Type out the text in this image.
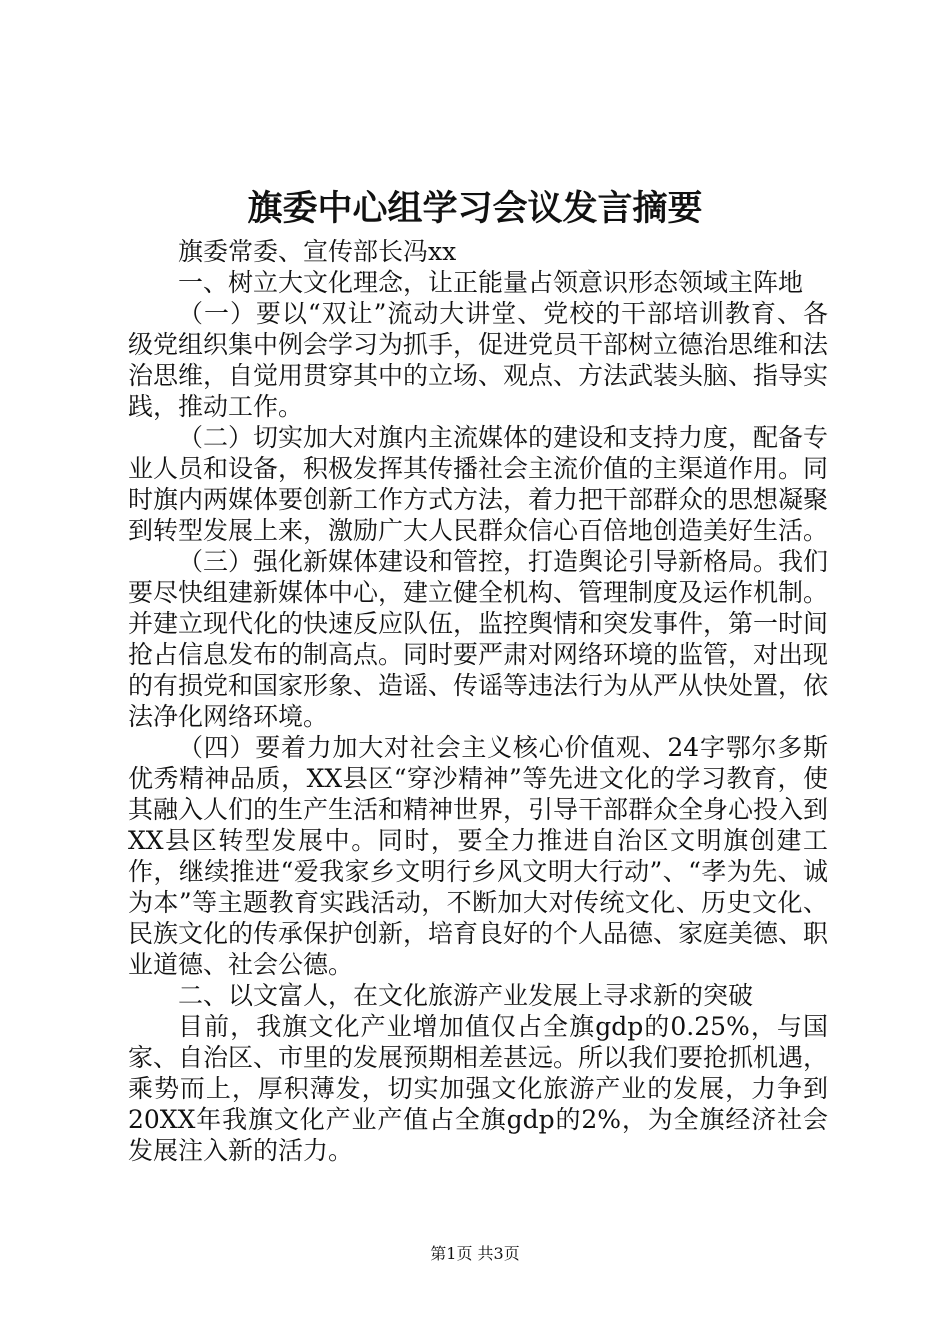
旗委中心组学习会议发言摘要

旗委常委、宣传部长冯xx

一、树立大文化理念，让正能量占领意识形态领域主阵地

（一）要以“双让”流动大讲堂、党校的干部培训教育、各级党组织集中例会学习为抓手，促进党员干部树立德治思维和法治思维，自觉用贯穿其中的立场、观点、方法武装头脑、指导实践，推动工作。

（二）切实加大对旗内主流媒体的建设和支持力度，配备专业人员和设备，积极发挥其传播社会主流价值的主渠道作用。同时旗内两媒体要创新工作方式方法，着力把干部群众的思想凝聚到转型发展上来，激励广大人民群众信心百倍地创造美好生活。

（三）强化新媒体建设和管控，打造舆论引导新格局。我们要尽快组建新媒体中心，建立健全机构、管理制度及运作机制。并建立现代化的快速反应队伍，监控舆情和突发事件，第一时间抢占信息发布的制高点。同时要严肃对网络环境的监管，对出现的有损党和国家形象、造谣、传谣等违法行为从严从快处置，依法净化网络环境。

（四）要着力加大对社会主义核心价值观、24字鄂尔多斯优秀精神品质，XX县区“穿沙精神”等先进文化的学习教育，使其融入人们的生产生活和精神世界，引导干部群众全身心投入到XX县区转型发展中。同时，要全力推进自治区文明旗创建工作，继续推进“爱我家乡文明行乡风文明大行动”、“孝为先、诚为本”等主题教育实践活动，不断加大对传统文化、历史文化、民族文化的传承保护创新，培育良好的个人品德、家庭美德、职业道德、社会公德。

二、以文富人，在文化旅游产业发展上寻求新的突破

目前，我旗文化产业增加值仅占全旗gdp的0.25%，与国家、自治区、市里的发展预期相差甚远。所以我们要抢抓机遇，乘势而上，厚积薄发，切实加强文化旅游产业的发展，力争到20XX年我旗文化产业产值占全旗gdp的2%，为全旗经济社会发展注入新的活力。

第1页 共3页
